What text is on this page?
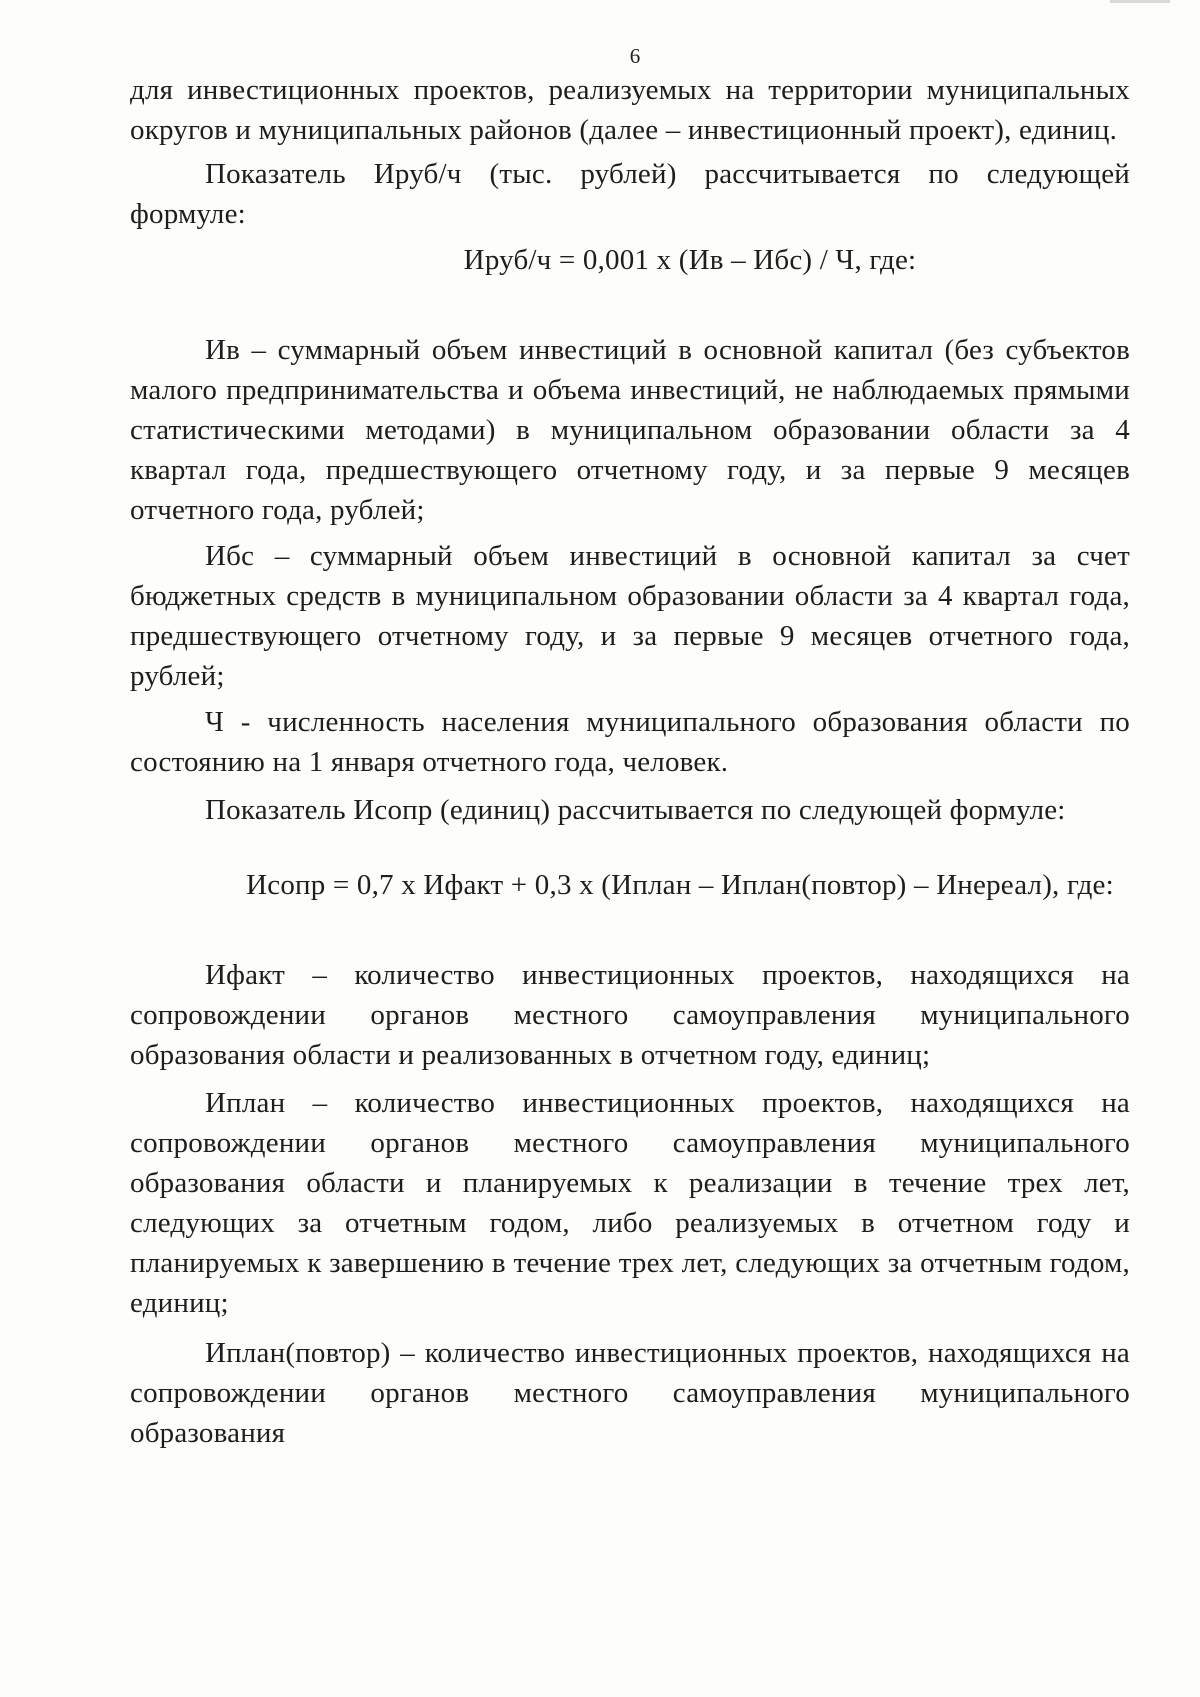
6

для инвестиционных проектов, реализуемых на территории муниципальных округов и муниципальных районов (далее – инвестиционный проект), единиц.

Показатель Ируб/ч (тыс. рублей) рассчитывается по следующей формуле:

Ируб/ч = 0,001 х (Ив – Ибс) / Ч, где:

Ив – суммарный объем инвестиций в основной капитал (без субъектов малого предпринимательства и объема инвестиций, не наблюдаемых прямыми статистическими методами) в муниципальном образовании области за 4 квартал года, предшествующего отчетному году, и за первые 9 месяцев отчетного года, рублей;

Ибс – суммарный объем инвестиций в основной капитал за счет бюджетных средств в муниципальном образовании области за 4 квартал года, предшествующего отчетному году, и за первые 9 месяцев отчетного года, рублей;

Ч - численность населения муниципального образования области по состоянию на 1 января отчетного года, человек.

Показатель Исопр (единиц) рассчитывается по следующей формуле:

Исопр = 0,7 х Ифакт + 0,3 х (Иплан – Иплан(повтор) – Инереал), где:

Ифакт – количество инвестиционных проектов, находящихся на сопровождении органов местного самоуправления муниципального образования области и реализованных в отчетном году, единиц;

Иплан – количество инвестиционных проектов, находящихся на сопровождении органов местного самоуправления муниципального образования области и планируемых к реализации в течение трех лет, следующих за отчетным годом, либо реализуемых в отчетном году и планируемых к завершению в течение трех лет, следующих за отчетным годом, единиц;

Иплан(повтор) – количество инвестиционных проектов, находящихся на сопровождении органов местного самоуправления муниципального образования
